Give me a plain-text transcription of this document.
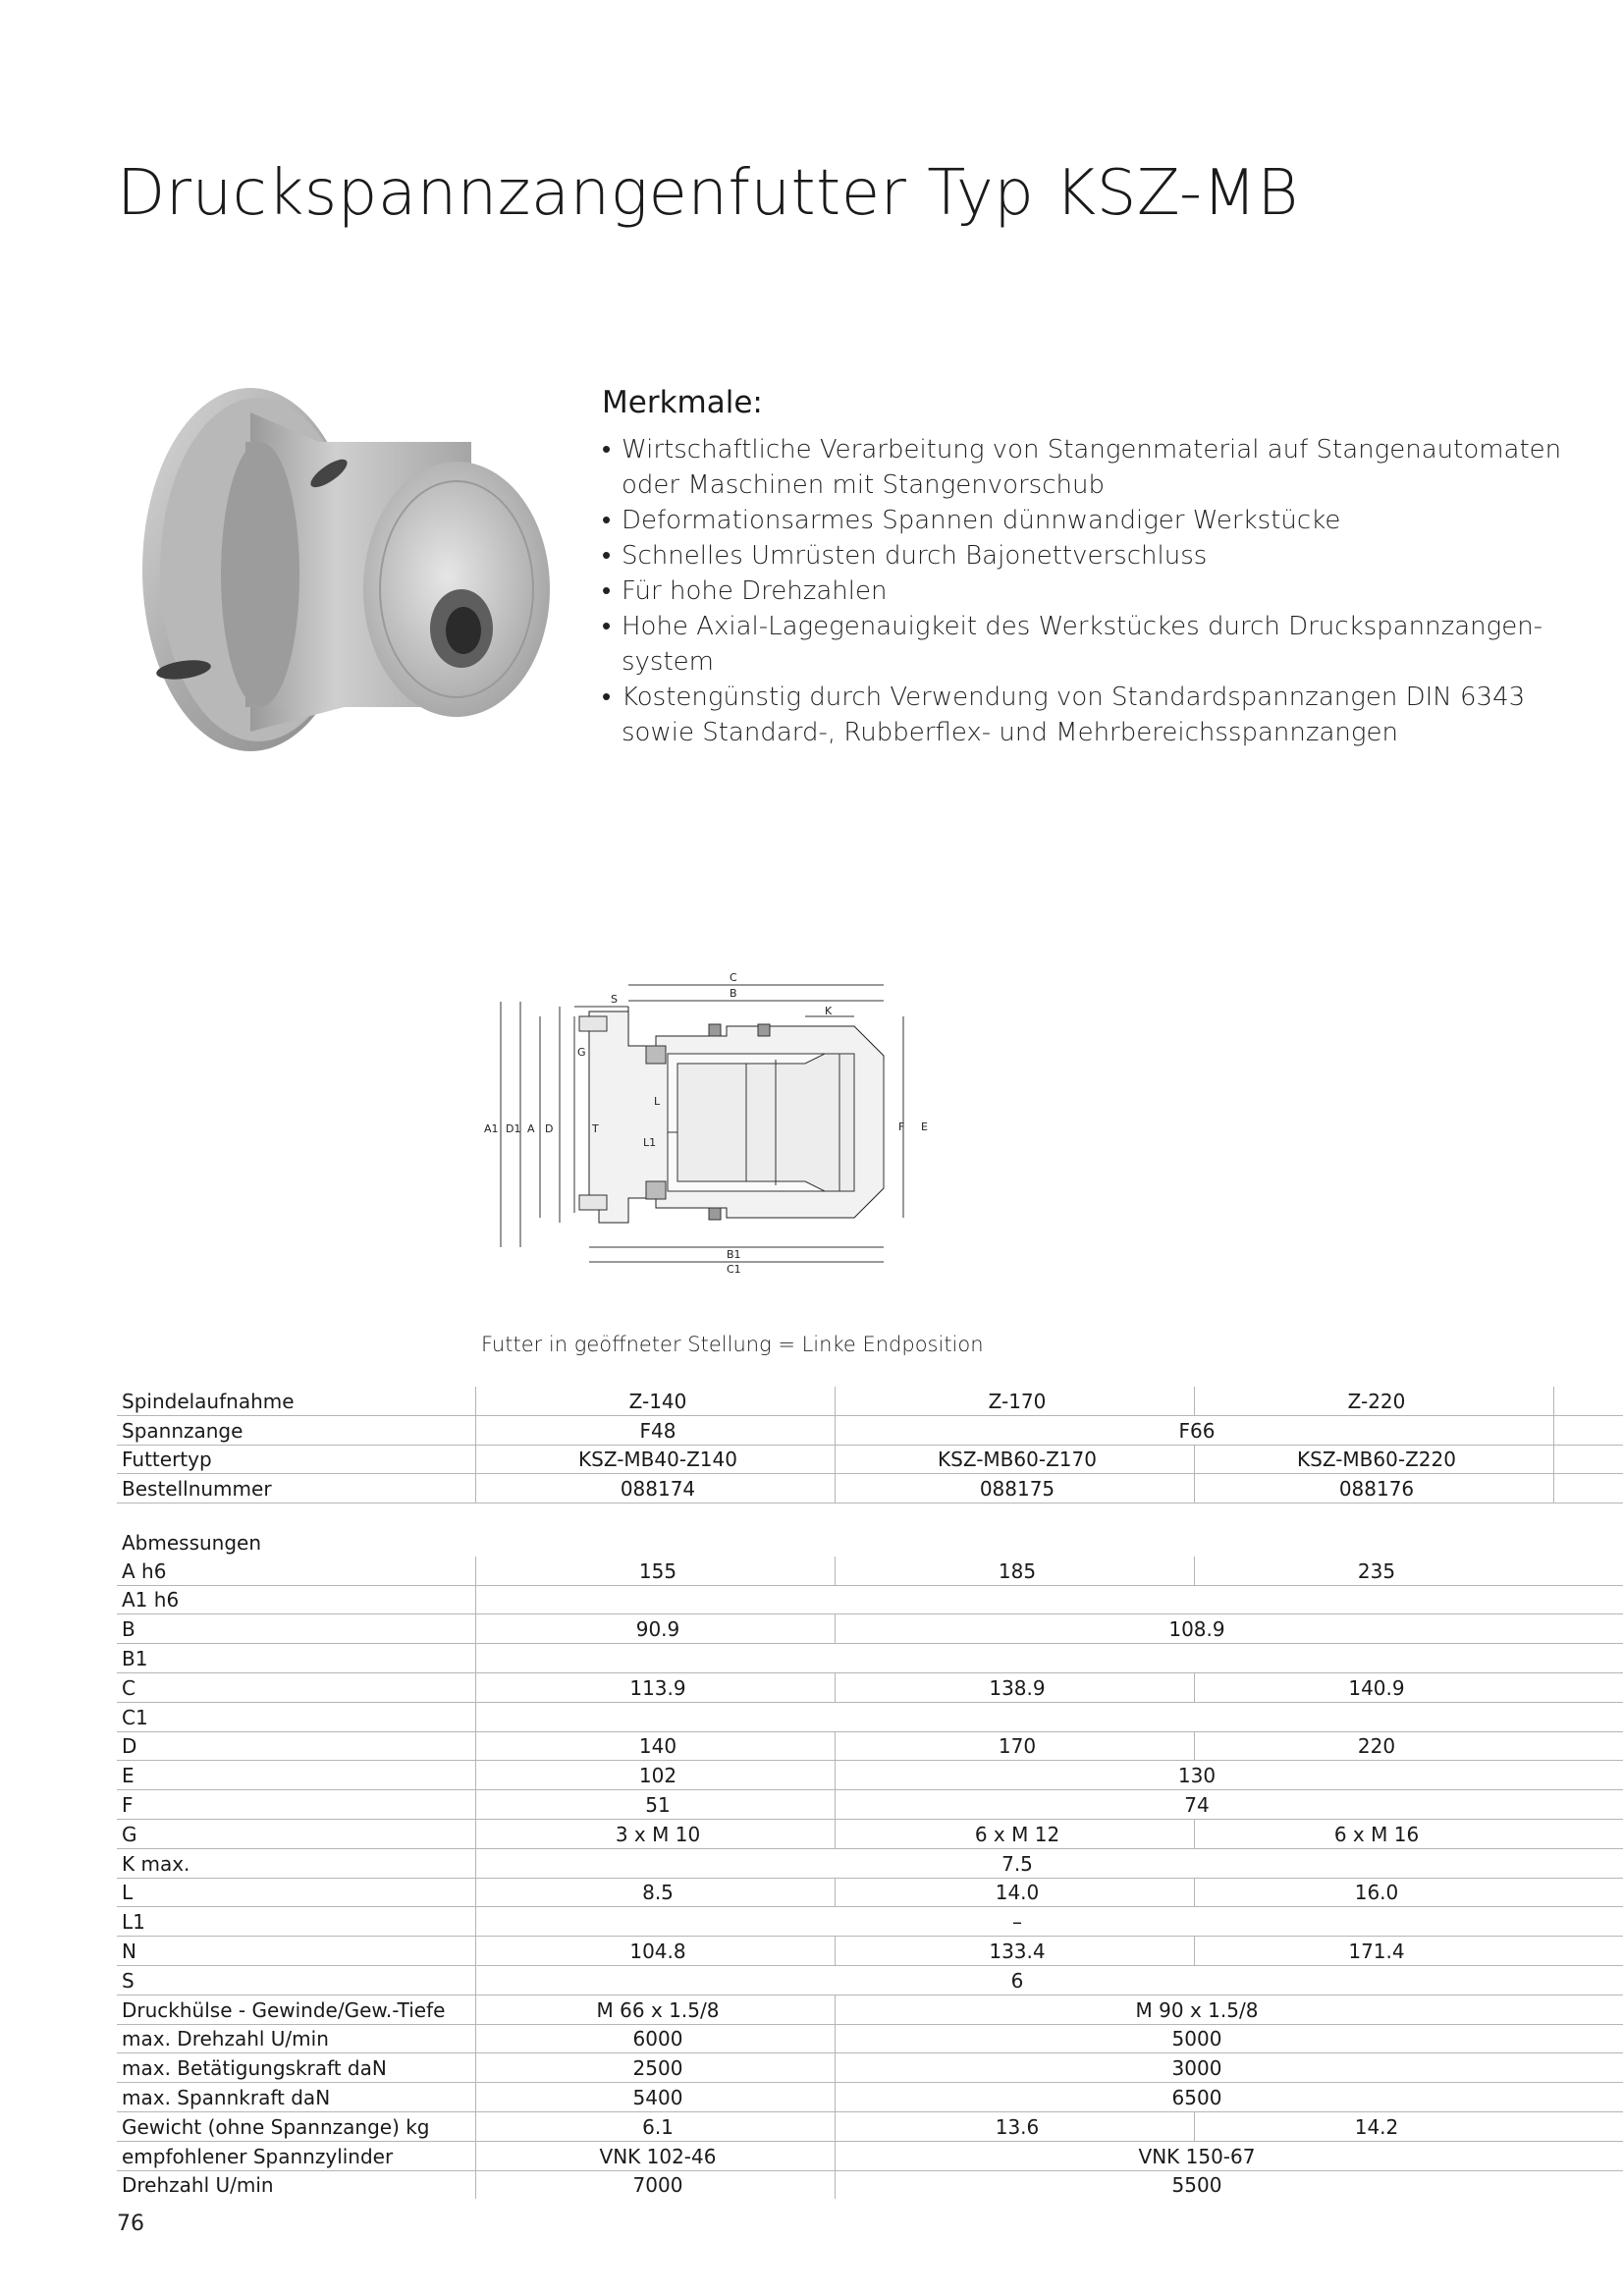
Druckspannzangenfutter Typ KSZ-MB
Merkmale:
• Wirtschaftliche Verarbeitung von Stangenmaterial auf Stangenautomaten oder Maschinen mit Stangenvorschub
• Deformationsarmes Spannen dünnwandiger Werkstücke
• Schnelles Umrüsten durch Bajonettverschluss
• Für hohe Drehzahlen
• Hohe Axial-Lagegenauigkeit des Werkstückes durch Druckspannzangen-system
• Kostengünstig durch Verwendung von Standardspannzangen DIN 6343 sowie Standard-, Rubberflex- und Mehrbereichsspannzangen
C
B
S
K
G
L
L1
A1 D1 A D	T	F E
B1
C1
Futter in geöffneter Stellung = Linke Endposition
Spindelaufnahme	Z-140	Z-170	Z-220	
Spannzange	F48	F66		
Futtertyp	KSZ-MB40-Z140	KSZ-MB60-Z170	KSZ-MB60-Z220	
Bestellnummer	088174	088175	088176	
Abmessungen				
A h6	155	185	235	
A1 h6				
B	90.9	108.9		
B1				
C	113.9	138.9	140.9	
C1				
D	140	170	220	
E	102	130		
F	51	74		
G	3 x M 10	6 x M 12	6 x M 16	
K max.	7.5			
L	8.5	14.0	16.0	
L1	–			
N	104.8	133.4	171.4	
S	6			
Druckhülse - Gewinde/Gew.-Tiefe	M 66 x 1.5/8	M 90 x 1.5/8		
max. Drehzahl U/min	6000	5000		
max. Betätigungskraft daN	2500	3000		
max. Spannkraft daN	5400	6500		
Gewicht (ohne Spannzange) kg	6.1	13.6	14.2	
empfohlener Spannzylinder	VNK 102-46	VNK 150-67		
Drehzahl U/min	7000	5500		
76
